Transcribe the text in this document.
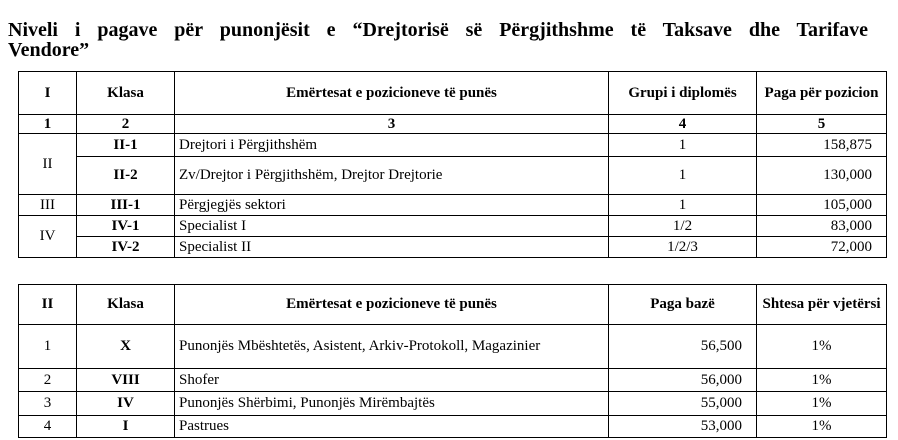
Niveli i pagave për punonjësit e “Drejtorisë së Përgjithshme të Taksave dhe Tarifave

Vendore”

I	Klasa	Emërtesat e pozicioneve të punës	Grupi i diplomës	Paga për pozicion
1	2	3	4	5
II	II-1	Drejtori i Përgjithshëm	1	158,875
	II-2	Zv/Drejtor i Përgjithshëm, Drejtor Drejtorie	1	130,000
III	III-1	Përgjegjës sektori	1	105,000
IV	IV-1	Specialist I	1/2	83,000
	IV-2	Specialist II	1/2/3	72,000
II	Klasa	Emërtesat e pozicioneve të punës	Paga bazë	Shtesa për vjetërsi
1	X	Punonjës Mbështetës, Asistent, Arkiv-Protokoll, Magazinier	56,500	1%
2	VIII	Shofer	56,000	1%
3	IV	Punonjës Shërbimi, Punonjës Mirëmbajtës	55,000	1%
4	I	Pastrues	53,000	1%
